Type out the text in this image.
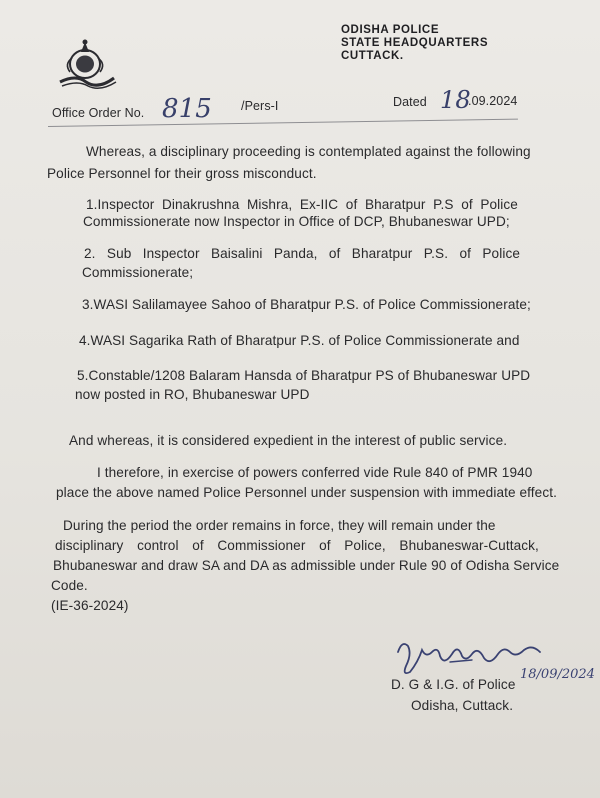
ODISHA POLICE
STATE HEADQUARTERS
CUTTACK.
Office Order No. 815 /Pers-I	Dated 18
.09.2024
Whereas, a disciplinary proceeding is contemplated against the following
Police Personnel for their gross misconduct.
1.Inspector Dinakrushna Mishra, Ex-IIC of Bharatpur P.S of Police
Commissionerate now Inspector in Office of DCP, Bhubaneswar UPD;
2. Sub Inspector Baisalini Panda, of Bharatpur P.S. of Police
Commissionerate;
3.WASI Salilamayee Sahoo of Bharatpur P.S. of Police Commissionerate;
4.WASI Sagarika Rath of Bharatpur P.S. of Police Commissionerate and
5.Constable/1208 Balaram Hansda of Bharatpur PS of Bhubaneswar UPD
now posted in RO, Bhubaneswar UPD
And whereas, it is considered expedient in the interest of public service.
I therefore, in exercise of powers conferred vide Rule 840 of PMR 1940
place the above named Police Personnel under suspension with immediate effect.
During the period the order remains in force, they will remain under the
disciplinary control of Commissioner of Police, Bhubaneswar-Cuttack,
Bhubaneswar and draw SA and DA as admissible under Rule 90 of Odisha Service
Code.
(IE-36-2024)
18/09/2024
D. G & I.G. of Police
Odisha, Cuttack.
